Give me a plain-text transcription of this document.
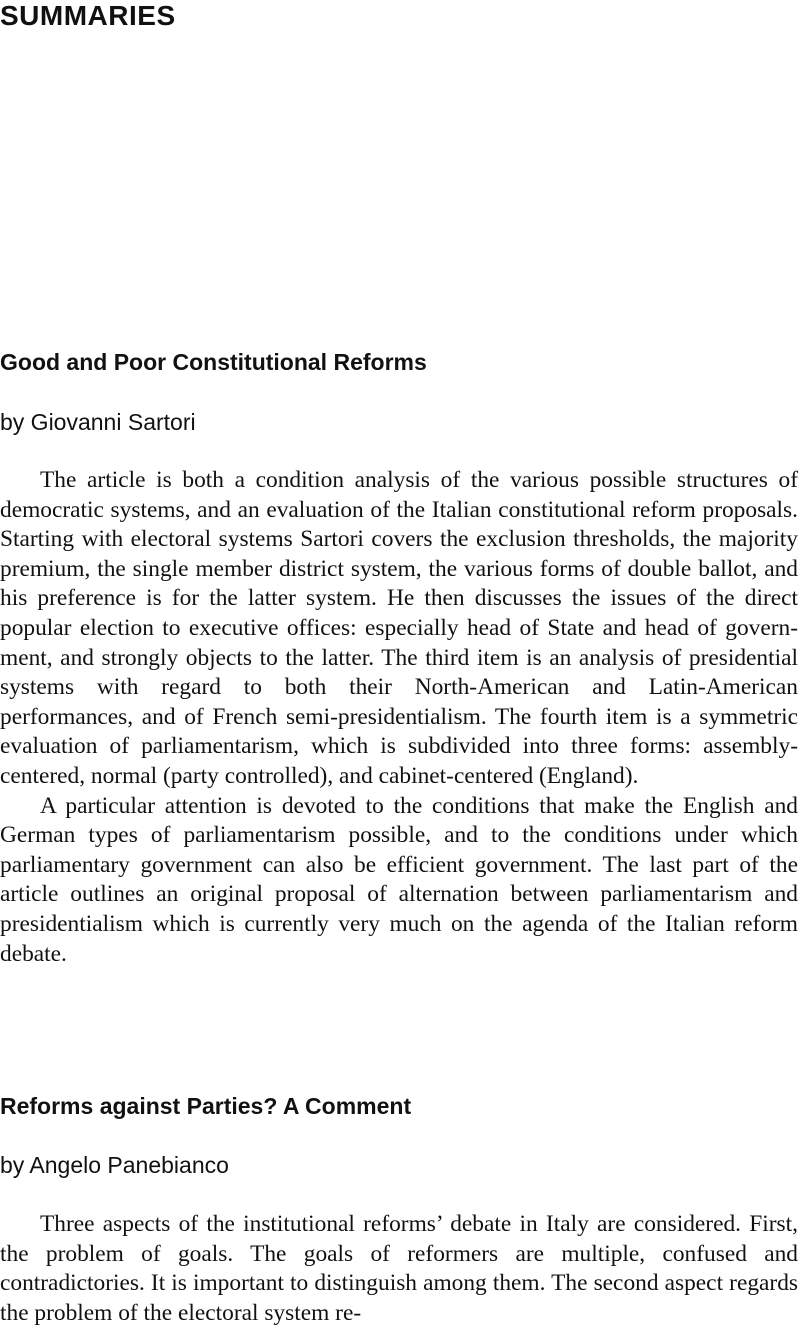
SUMMARIES
Good and Poor Constitutional Reforms
by Giovanni Sartori

The article is both a condition analysis of the various possible structures of democratic systems, and an evaluation of the Italian constitutional reform proposals. Starting with electoral systems Sartori covers the exclusion thresholds, the majority premium, the single member district system, the various forms of double ballot, and his preference is for the latter system. He then discusses the issues of the direct popular election to executive offices: especially head of State and head of government, and strongly objects to the latter. The third item is an analysis of presidential systems with regard to both their North-American and Latin-American performances, and of French semi-presidentialism. The fourth item is a symmetric evaluation of parliamentarism, which is subdivided into three forms: assembly-centered, normal (party controlled), and cabinet-centered (England).

A particular attention is devoted to the conditions that make the English and German types of parliamentarism possible, and to the conditions under which parliamentary government can also be efficient government. The last part of the article outlines an original proposal of alternation between parliamentarism and presidentialism which is currently very much on the agenda of the Italian reform debate.

Reforms against Parties? A Comment
by Angelo Panebianco

Three aspects of the institutional reforms’ debate in Italy are considered. First, the problem of goals. The goals of reformers are multiple, confused and contradictories. It is important to distinguish among them. The second aspect regards the problem of the electoral system re-
